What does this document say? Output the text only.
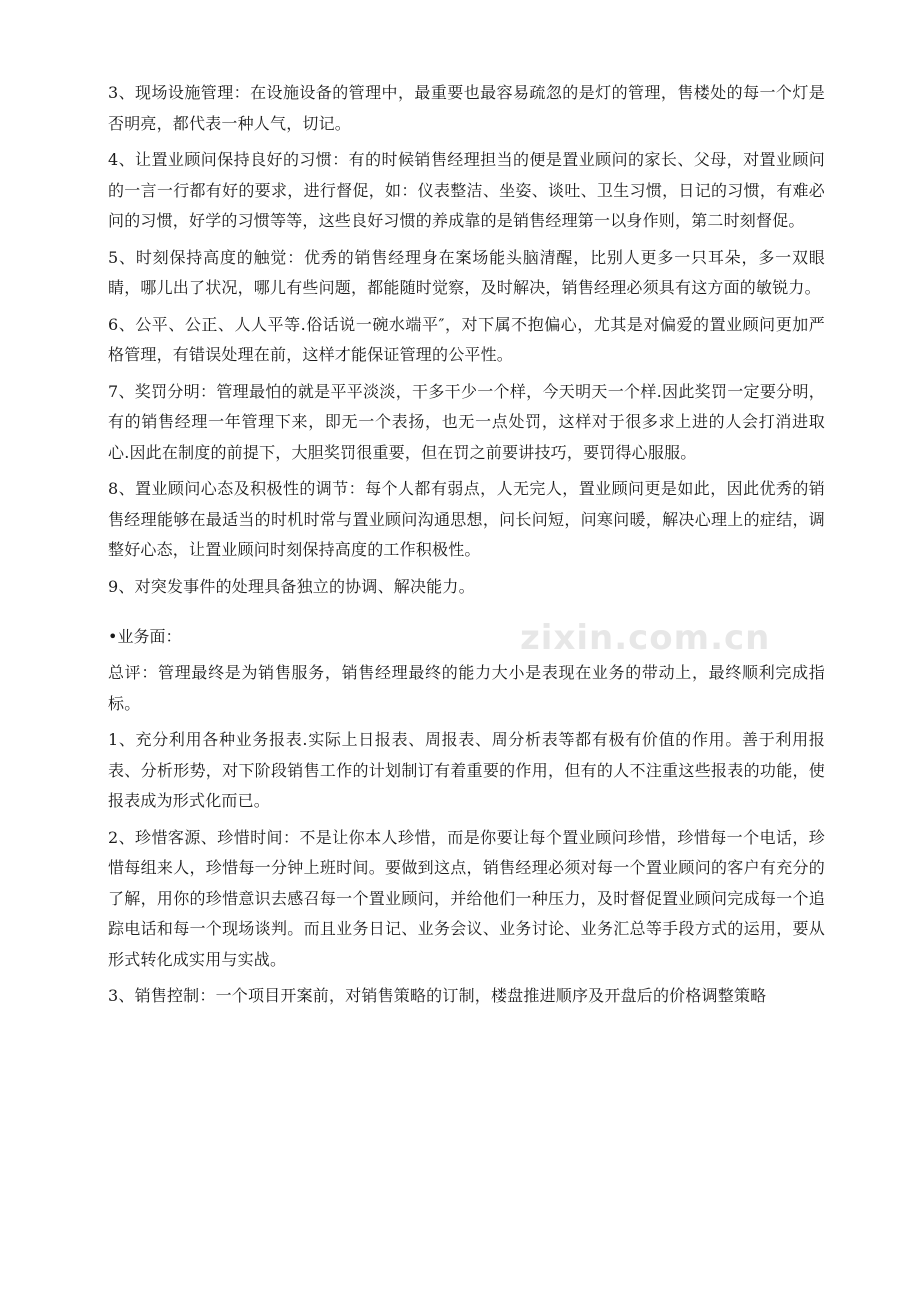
3、现场设施管理：在设施设备的管理中，最重要也最容易疏忽的是灯的管理，售楼处的每一个灯是否明亮，都代表一种人气，切记。

4、让置业顾问保持良好的习惯：有的时候销售经理担当的便是置业顾问的家长、父母，对置业顾问的一言一行都有好的要求，进行督促，如：仪表整洁、坐姿、谈吐、卫生习惯，日记的习惯，有难必问的习惯，好学的习惯等等，这些良好习惯的养成靠的是销售经理第一以身作则，第二时刻督促。

5、时刻保持高度的触觉：优秀的销售经理身在案场能头脑清醒，比别人更多一只耳朵，多一双眼睛，哪儿出了状况，哪儿有些问题，都能随时觉察，及时解决，销售经理必须具有这方面的敏锐力。

6、公平、公正、人人平等.俗话说一碗水端平″，对下属不抱偏心，尤其是对偏爱的置业顾问更加严格管理，有错误处理在前，这样才能保证管理的公平性。

7、奖罚分明：管理最怕的就是平平淡淡，干多干少一个样，今天明天一个样.因此奖罚一定要分明，有的销售经理一年管理下来，即无一个表扬，也无一点处罚，这样对于很多求上进的人会打消进取心.因此在制度的前提下，大胆奖罚很重要，但在罚之前要讲技巧，要罚得心服服。

8、置业顾问心态及积极性的调节：每个人都有弱点，人无完人，置业顾问更是如此，因此优秀的销售经理能够在最适当的时机时常与置业顾问沟通思想，问长问短，问寒问暖，解决心理上的症结，调整好心态，让置业顾问时刻保持高度的工作积极性。

9、对突发事件的处理具备独立的协调、解决能力。

•业务面：

总评：管理最终是为销售服务，销售经理最终的能力大小是表现在业务的带动上，最终顺利完成指标。

1、充分利用各种业务报表.实际上日报表、周报表、周分析表等都有极有价值的作用。善于利用报表、分析形势，对下阶段销售工作的计划制订有着重要的作用，但有的人不注重这些报表的功能，使报表成为形式化而已。

2、珍惜客源、珍惜时间：不是让你本人珍惜，而是你要让每个置业顾问珍惜，珍惜每一个电话，珍惜每组来人，珍惜每一分钟上班时间。要做到这点，销售经理必须对每一个置业顾问的客户有充分的了解，用你的珍惜意识去感召每一个置业顾问，并给他们一种压力，及时督促置业顾问完成每一个追踪电话和每一个现场谈判。而且业务日记、业务会议、业务讨论、业务汇总等手段方式的运用，要从形式转化成实用与实战。

3、销售控制：一个项目开案前，对销售策略的订制，楼盘推进顺序及开盘后的价格调整策略

zixin.com.cn
